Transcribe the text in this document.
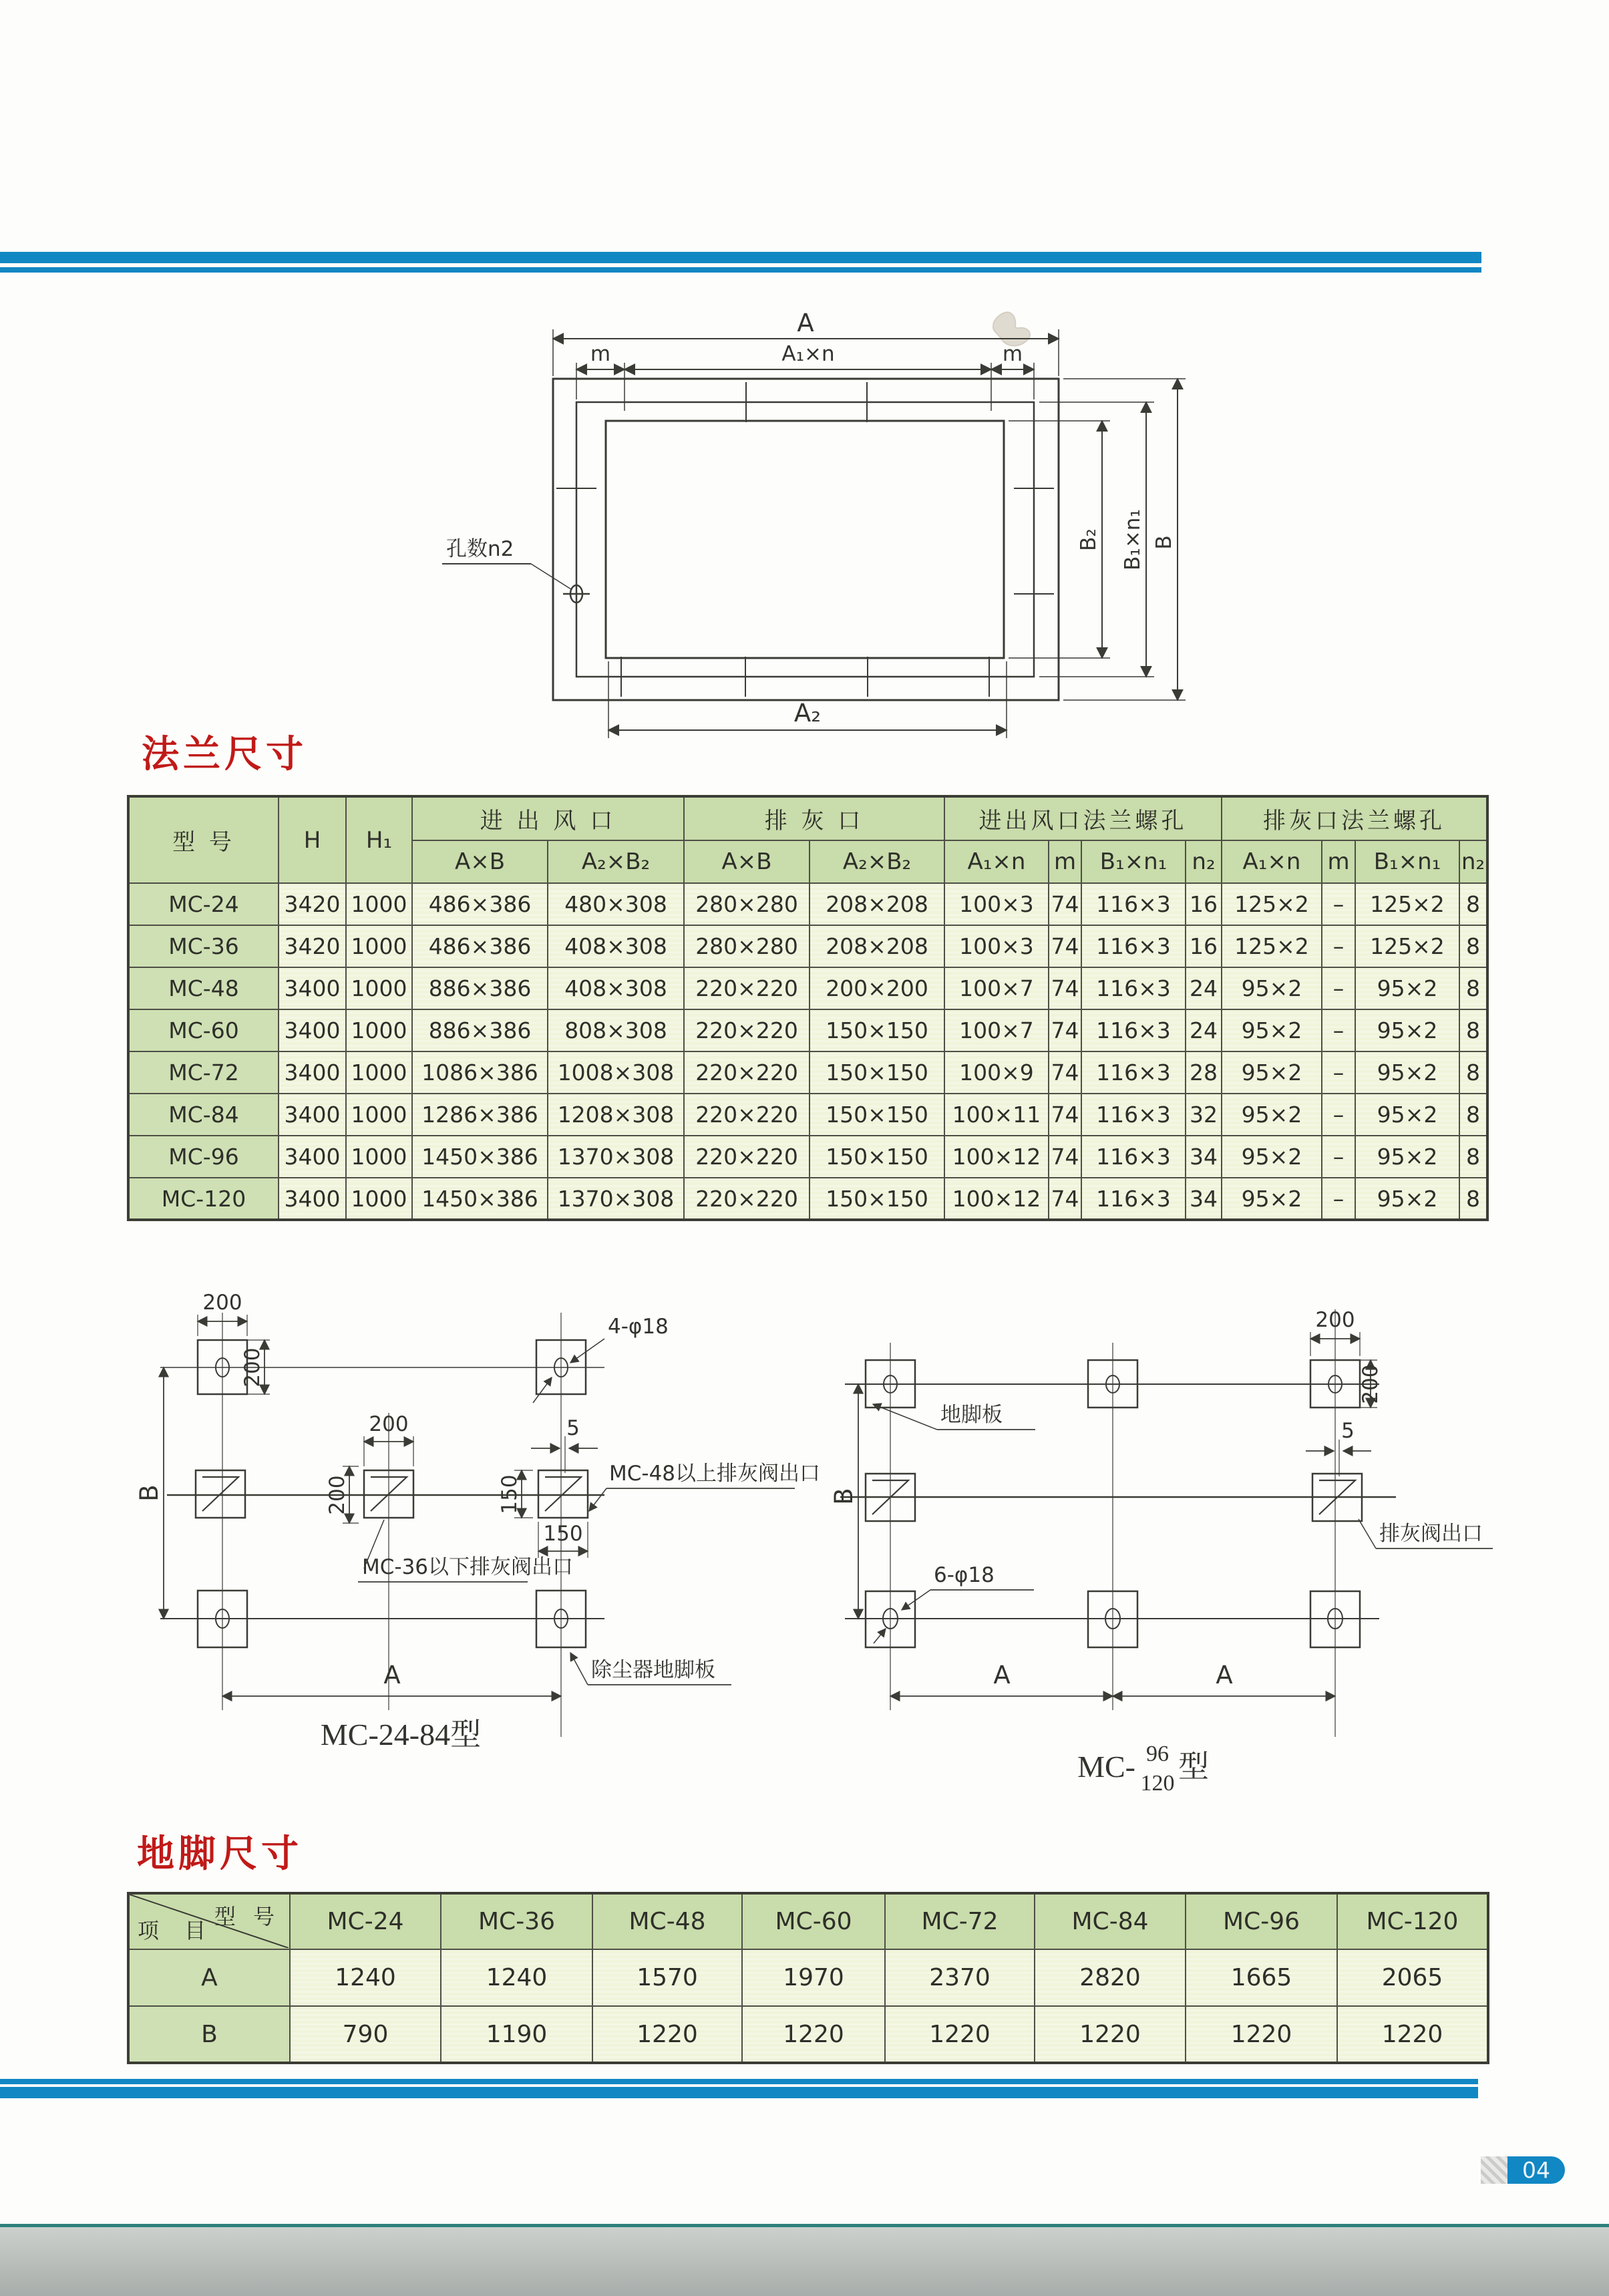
A
m	A₁×n	m
B₂ B₁×n₁ B
A₂
孔数n2
法兰尺寸
型 号	H	H₁	进 出 风 口		排 灰 口		进出风口法兰螺孔				排灰口法兰螺孔			
			A×B	A₂×B₂	A×B	A₂×B₂	A₁×n	m	B₁×n₁	n₂	A₁×n	m	B₁×n₁	n₂
MC-24	3420	1000	486×386	480×308	280×280	208×208	100×3	74	116×3	16	125×2	–	125×2	8
MC-36	3420	1000	486×386	408×308	280×280	208×208	100×3	74	116×3	16	125×2	–	125×2	8
MC-48	3400	1000	886×386	408×308	220×220	200×200	100×7	74	116×3	24	95×2	–	95×2	8
MC-60	3400	1000	886×386	808×308	220×220	150×150	100×7	74	116×3	24	95×2	–	95×2	8
MC-72	3400	1000	1086×386	1008×308	220×220	150×150	100×9	74	116×3	28	95×2	–	95×2	8
MC-84	3400	1000	1286×386	1208×308	220×220	150×150	100×11	74	116×3	32	95×2	–	95×2	8
MC-96	3400	1000	1450×386	1370×308	220×220	150×150	100×12	74	116×3	34	95×2	–	95×2	8
MC-120	3400	1000	1450×386	1370×308	220×220	150×150	100×12	74	116×3	34	95×2	–	95×2	8
200
200
4-φ18
200
200
5
150
150
MC-48以上排灰阀出口
MC-36以下排灰阀出口
B
A	除尘器地脚板
MC-24-84型
200
200
地脚板
B
5
排灰阀出口
6-φ18
A	A
MC- 96
120 型
地脚尺寸
型 号
项 目	MC-24	MC-36	MC-48	MC-60	MC-72	MC-84	MC-96	MC-120
A	1240	1240	1570	1970	2370	2820	1665	2065
B	790	1190	1220	1220	1220	1220	1220	1220
04
